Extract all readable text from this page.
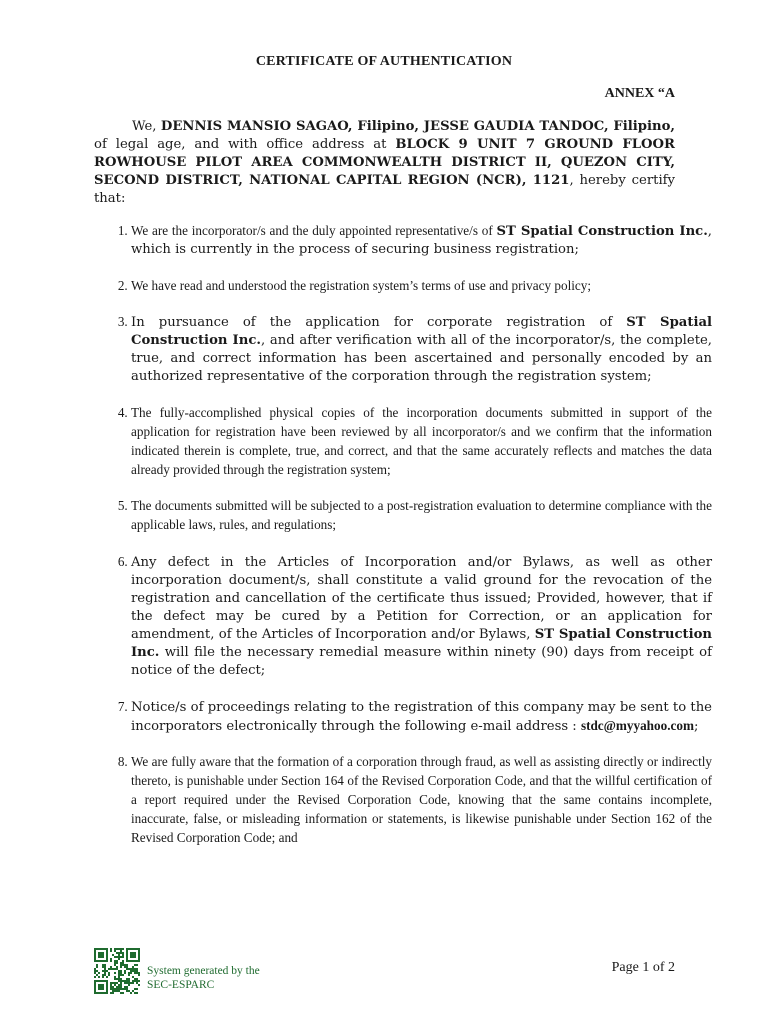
CERTIFICATE OF AUTHENTICATION
ANNEX “A

We, DENNIS MANSIO SAGAO, Filipino, JESSE GAUDIA TANDOC, Filipino, of legal age, and with office address at BLOCK 9 UNIT 7 GROUND FLOOR ROWHOUSE PILOT AREA COMMONWEALTH DISTRICT II, QUEZON CITY, SECOND DISTRICT, NATIONAL CAPITAL REGION (NCR), 1121, hereby certify that:

1. We are the incorporator/s and the duly appointed representative/s of ST Spatial Construction Inc., which is currently in the process of securing business registration;
2. We have read and understood the registration system’s terms of use and privacy policy;
3. In pursuance of the application for corporate registration of ST Spatial Construction Inc., and after verification with all of the incorporator/s, the complete, true, and correct information has been ascertained and personally encoded by an authorized representative of the corporation through the registration system;
4. The fully-accomplished physical copies of the incorporation documents submitted in support of the application for registration have been reviewed by all incorporator/s and we confirm that the information indicated therein is complete, true, and correct, and that the same accurately reflects and matches the data already provided through the registration system;
5. The documents submitted will be subjected to a post-registration evaluation to determine compliance with the applicable laws, rules, and regulations;
6. Any defect in the Articles of Incorporation and/or Bylaws, as well as other incorporation document/s, shall constitute a valid ground for the revocation of the registration and cancellation of the certificate thus issued; Provided, however, that if the defect may be cured by a Petition for Correction, or an application for amendment, of the Articles of Incorporation and/or Bylaws, ST Spatial Construction Inc. will file the necessary remedial measure within ninety (90) days from receipt of notice of the defect;
7. Notice/s of proceedings relating to the registration of this company may be sent to the incorporators electronically through the following e-mail address : stdc@myyahoo.com;
8. We are fully aware that the formation of a corporation through fraud, as well as assisting directly or indirectly thereto, is punishable under Section 164 of the Revised Corporation Code, and that the willful certification of a report required under the Revised Corporation Code, knowing that the same contains incomplete, inaccurate, false, or misleading information or statements, is likewise punishable under Section 162 of the Revised Corporation Code; and
System generated by the
SEC-ESPARC
Page 1 of 2
